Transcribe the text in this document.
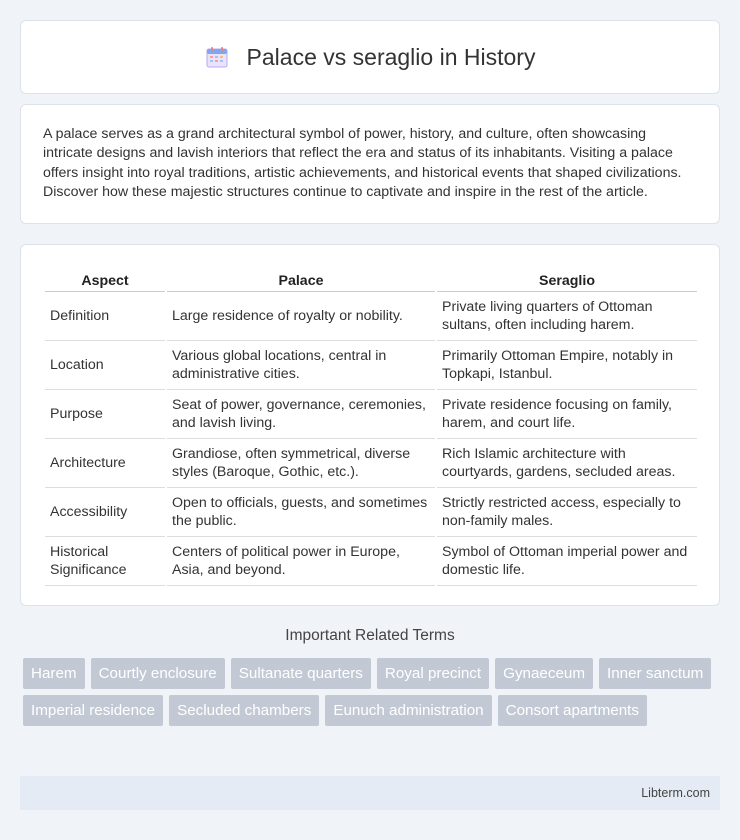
Palace vs seraglio in History
A palace serves as a grand architectural symbol of power, history, and culture, often showcasing intricate designs and lavish interiors that reflect the era and status of its inhabitants. Visiting a palace offers insight into royal traditions, artistic achievements, and historical events that shaped civilizations. Discover how these majestic structures continue to captivate and inspire in the rest of the article.
Aspect	Palace	Seraglio
Definition	Large residence of royalty or nobility.	Private living quarters of Ottoman sultans, often including harem.
Location	Various global locations, central in administrative cities.	Primarily Ottoman Empire, notably in Topkapi, Istanbul.
Purpose	Seat of power, governance, ceremonies, and lavish living.	Private residence focusing on family, harem, and court life.
Architecture	Grandiose, often symmetrical, diverse styles (Baroque, Gothic, etc.).	Rich Islamic architecture with courtyards, gardens, secluded areas.
Accessibility	Open to officials, guests, and sometimes the public.	Strictly restricted access, especially to non-family males.
Historical Significance	Centers of political power in Europe, Asia, and beyond.	Symbol of Ottoman imperial power and domestic life.
Important Related Terms
Harem	Courtly enclosure	Sultanate quarters	Royal precinct	Gynaeceum	Inner sanctum
Imperial residence	Secluded chambers	Eunuch administration	Consort apartments
Libterm.com
